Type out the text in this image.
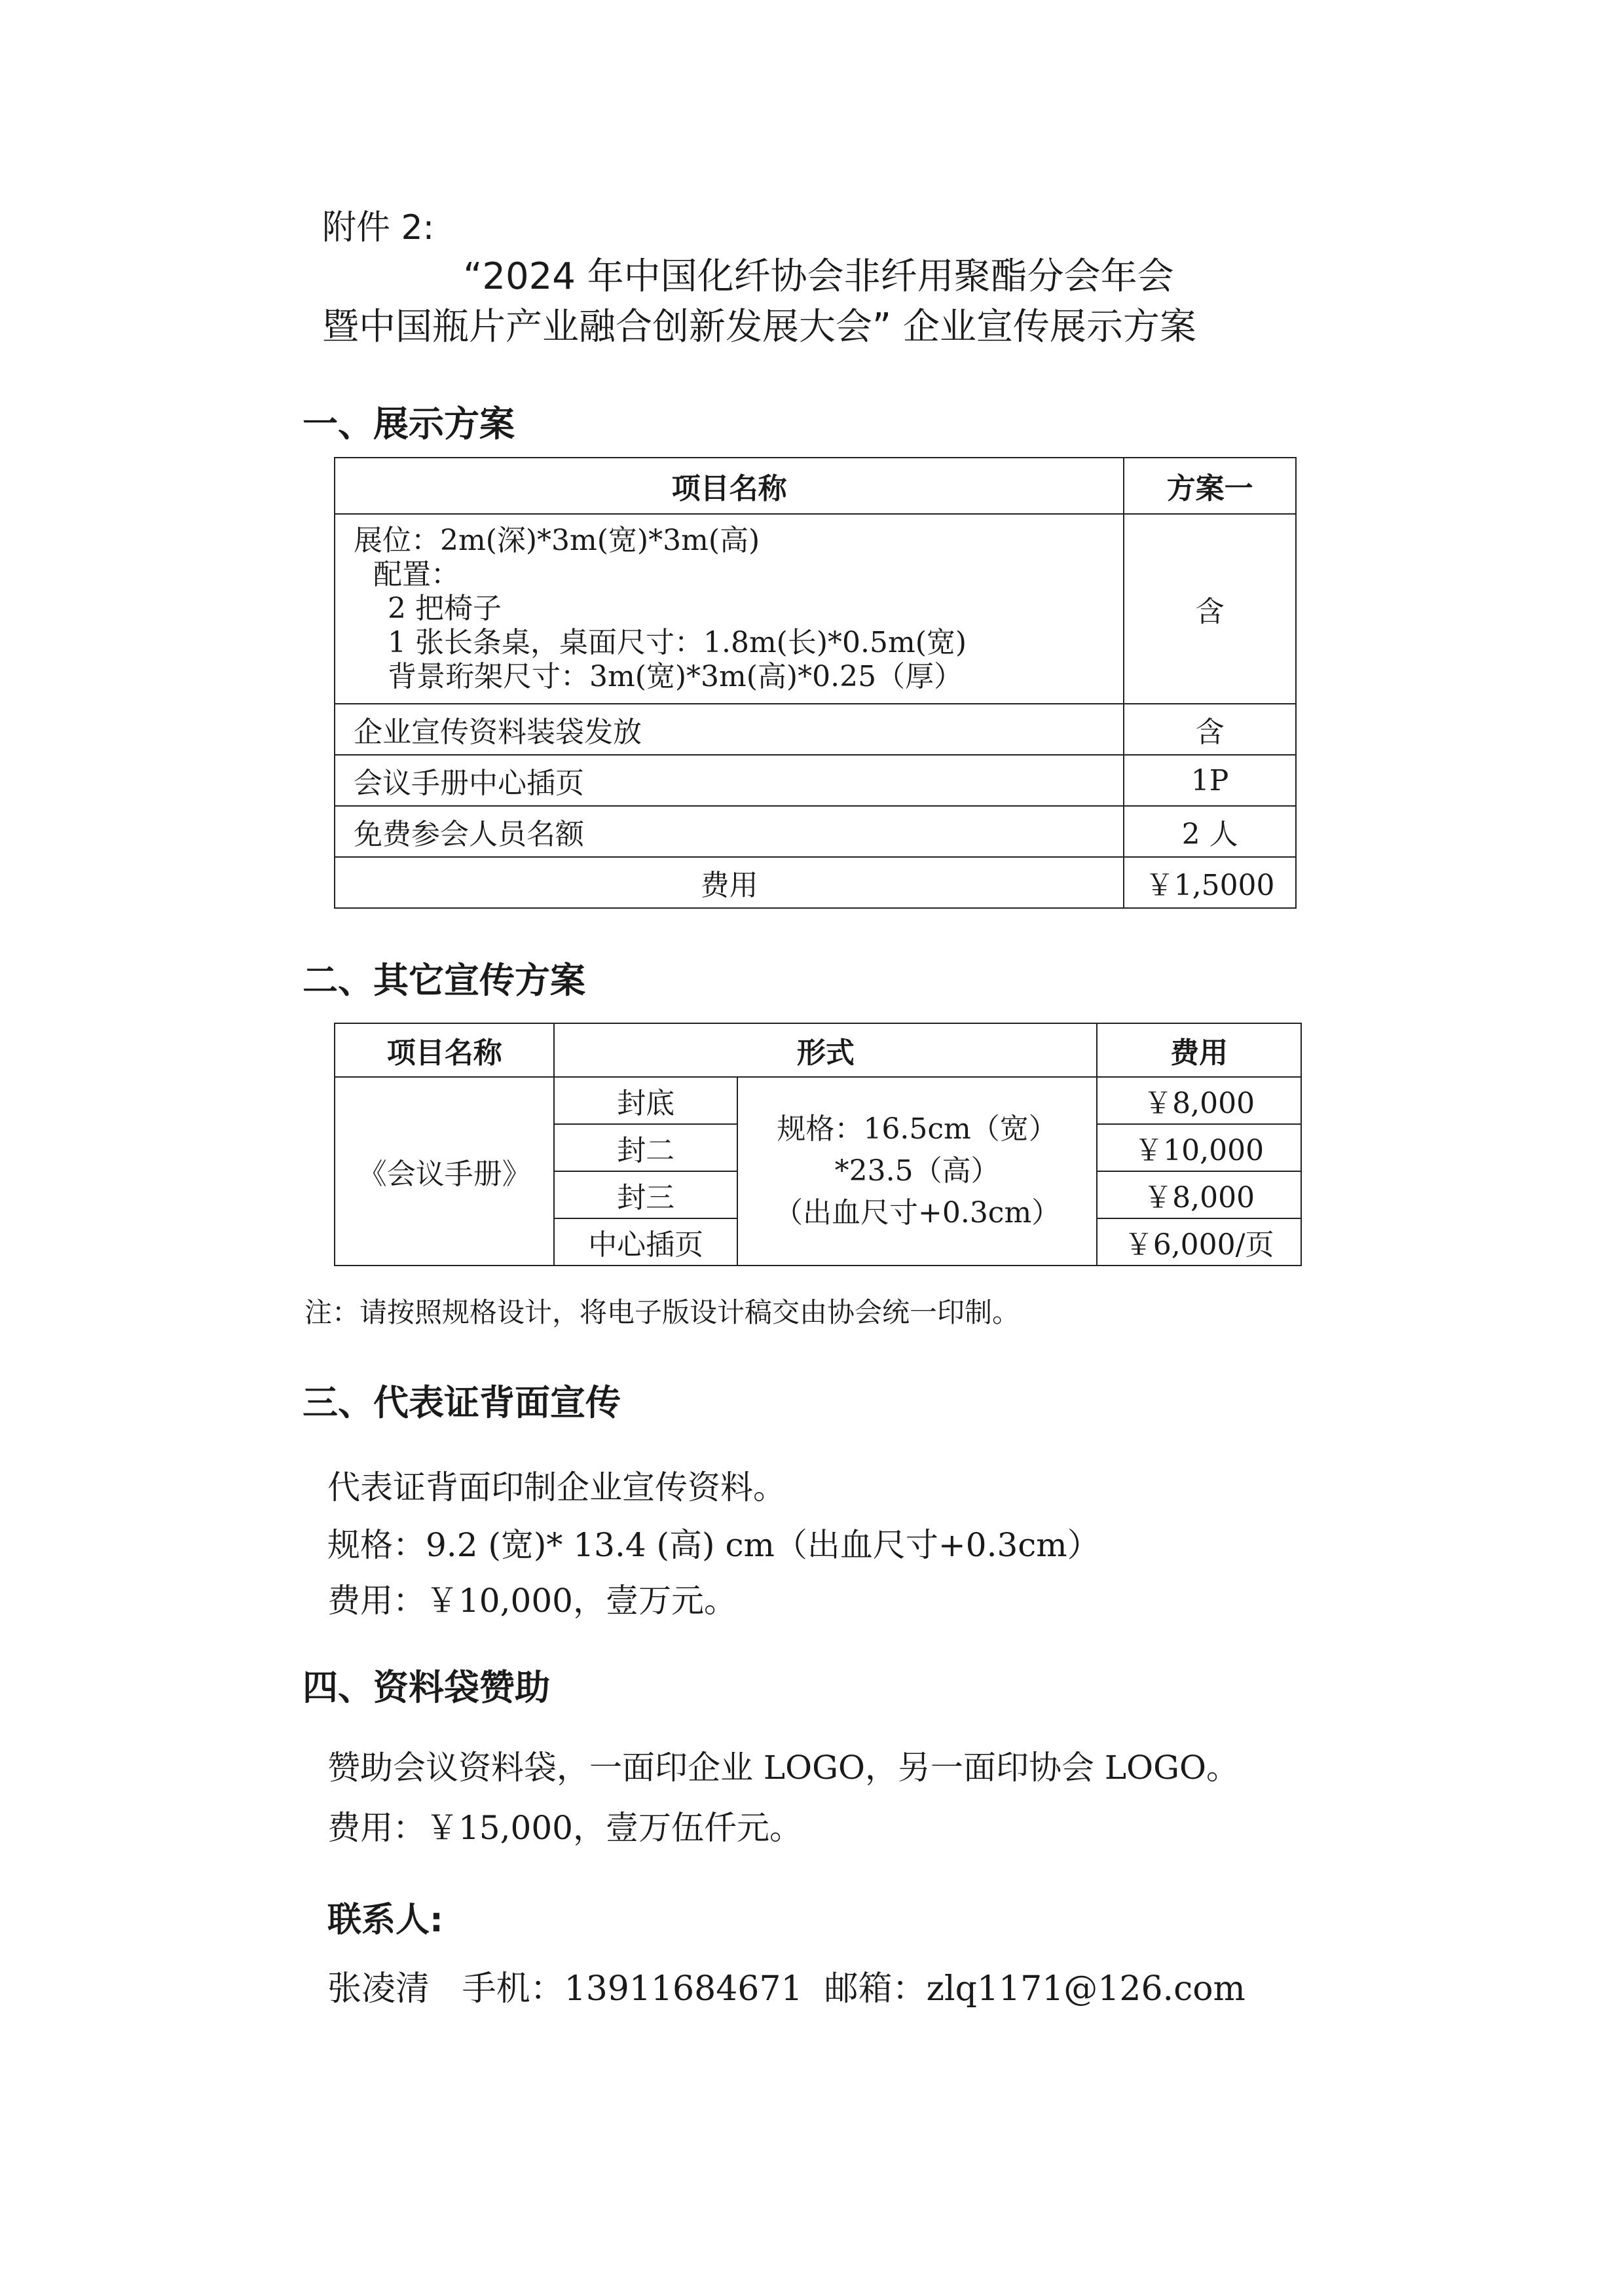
附件 2:
“2024 年中国化纤协会非纤用聚酯分会年会
暨中国瓶片产业融合创新发展大会” 企业宣传展示方案
一、展示方案
项目名称	方案一

展位：2m(深)*3m(宽)*3m(高)
配置：
2 把椅子
1 张长条桌，桌面尺寸：1.8m(长)*0.5m(宽)
背景珩架尺寸：3m(宽)*3m(高)*0.25（厚）	含
企业宣传资料装袋发放	含
会议手册中心插页	1P
免费参会人员名额	2 人
费用	￥1,5000
二、其它宣传方案
项目名称	形式		费用
《会议手册》	封底	规格：16.5cm（宽）
*23.5（高）
（出血尺寸+0.3cm）	￥8,000
	封二		￥10,000
	封三		￥8,000
	中心插页		￥6,000/页
注：请按照规格设计，将电子版设计稿交由协会统一印制。
三、代表证背面宣传
代表证背面印制企业宣传资料。
规格：9.2 (宽)* 13.4 (高) cm（出血尺寸+0.3cm）
费用：￥10,000，壹万元。
四、资料袋赞助
赞助会议资料袋，一面印企业 LOGO，另一面印协会 LOGO。
费用：￥15,000，壹万伍仟元。
联系人:
张凌清 手机：13911684671 邮箱：zlq1171@126.com
